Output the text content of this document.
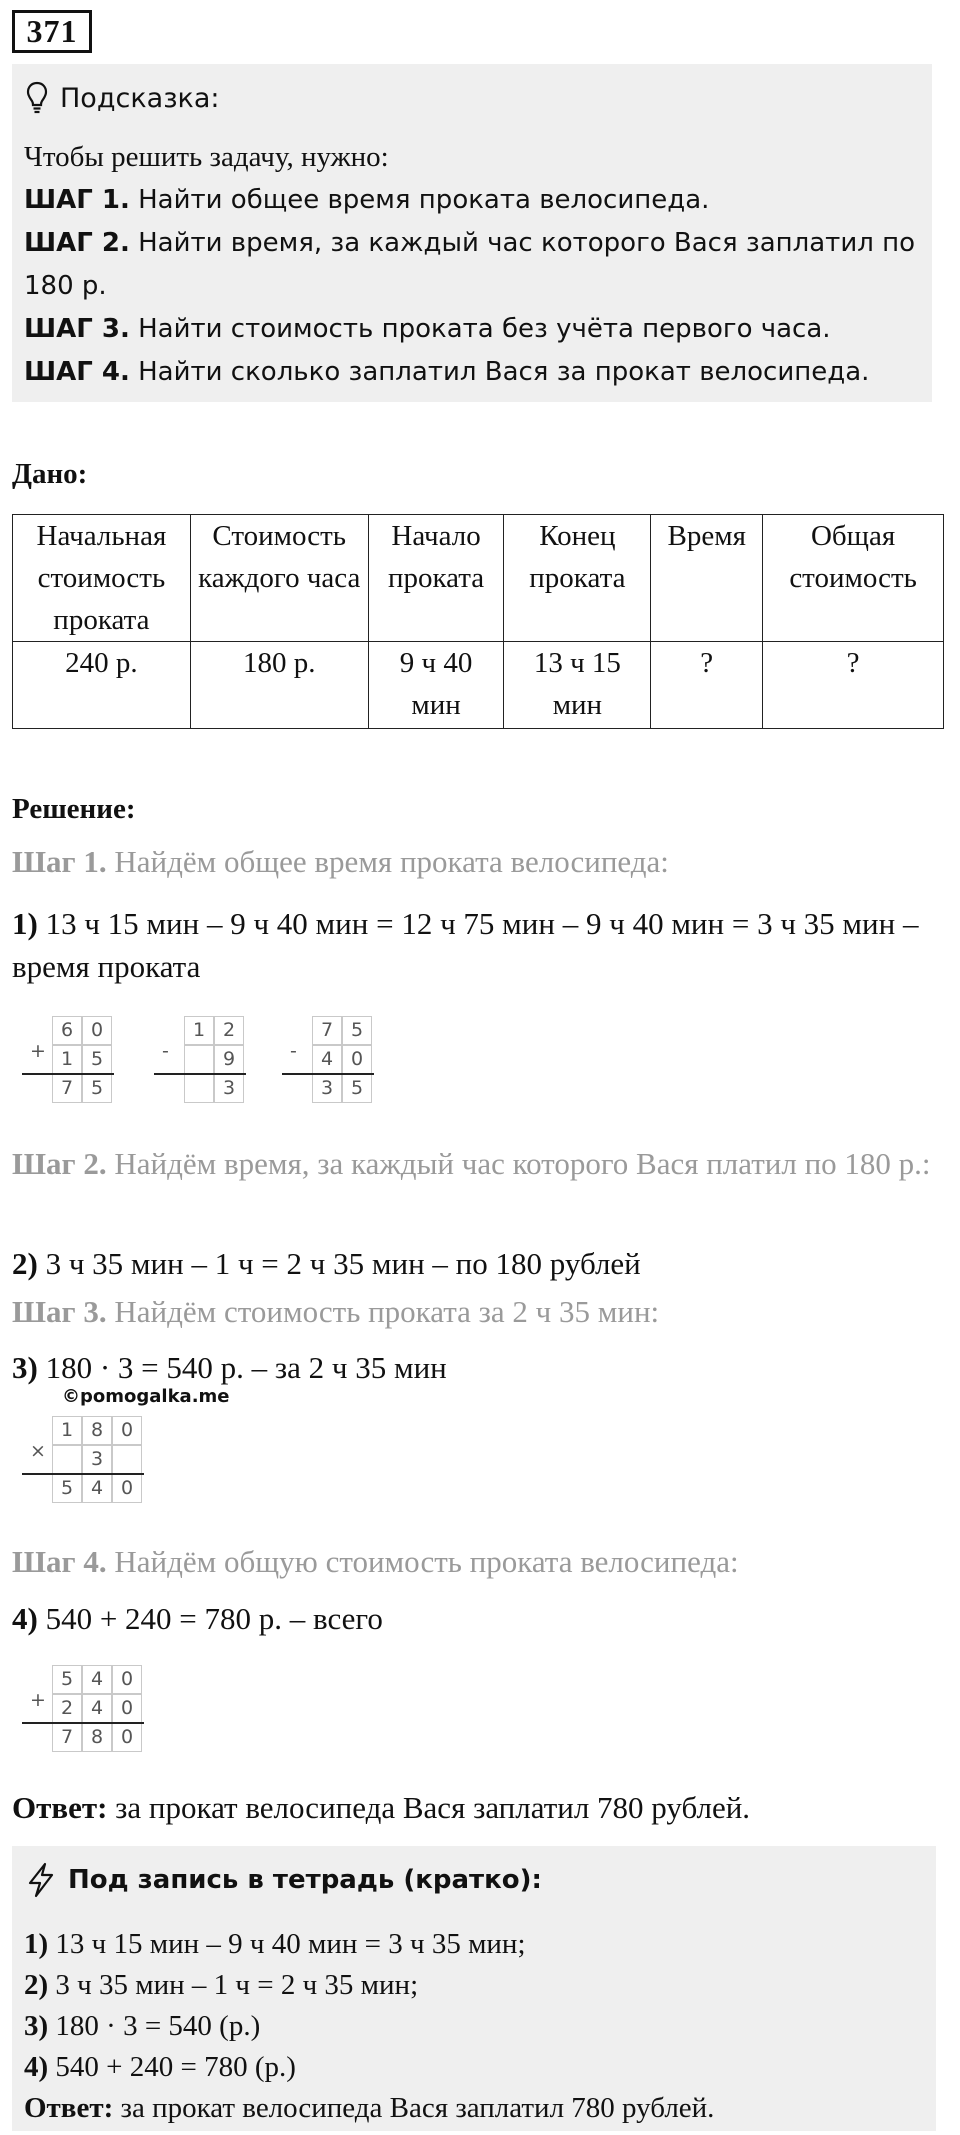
371
Подсказка:
Чтобы решить задачу, нужно:
ШАГ 1. Найти общее время проката велосипеда.
ШАГ 2. Найти время, за каждый час которого Вася заплатил по 180 р.
ШАГ 3. Найти стоимость проката без учёта первого часа.
ШАГ 4. Найти сколько заплатил Вася за прокат велосипеда.
Дано:
Начальная стоимость проката	Стоимость каждого часа	Начало проката	Конец проката	Время	Общая стоимость
240 р.	180 р.	9 ч 40 мин	13 ч 15 мин	?	?
Решение:
Шаг 1. Найдём общее время проката велосипеда:
1) 13 ч 15 мин – 9 ч 40 мин = 12 ч 75 мин – 9 ч 40 мин = 3 ч 35 мин – время проката
+
6 0
1 5
7 5
-
1 2
9
3
-
7 5
4 0
3 5
Шаг 2. Найдём время, за каждый час которого Вася платил по 180 р.:
2) 3 ч 35 мин – 1 ч = 2 ч 35 мин – по 180 рублей
Шаг 3. Найдём стоимость проката за 2 ч 35 мин:
3) 180 · 3 = 540 р. – за 2 ч 35 мин
©pomogalka.me
×
1 8 0
3
5 4 0
Шаг 4. Найдём общую стоимость проката велосипеда:
4) 540 + 240 = 780 р. – всего
+
5 4 0
2 4 0
7 8 0
Ответ: за прокат велосипеда Вася заплатил 780 рублей.
Под запись в тетрадь (кратко):
1) 13 ч 15 мин – 9 ч 40 мин = 3 ч 35 мин;
2) 3 ч 35 мин – 1 ч = 2 ч 35 мин;
3) 180 · 3 = 540 (р.)
4) 540 + 240 = 780 (р.)
Ответ: за прокат велосипеда Вася заплатил 780 рублей.
